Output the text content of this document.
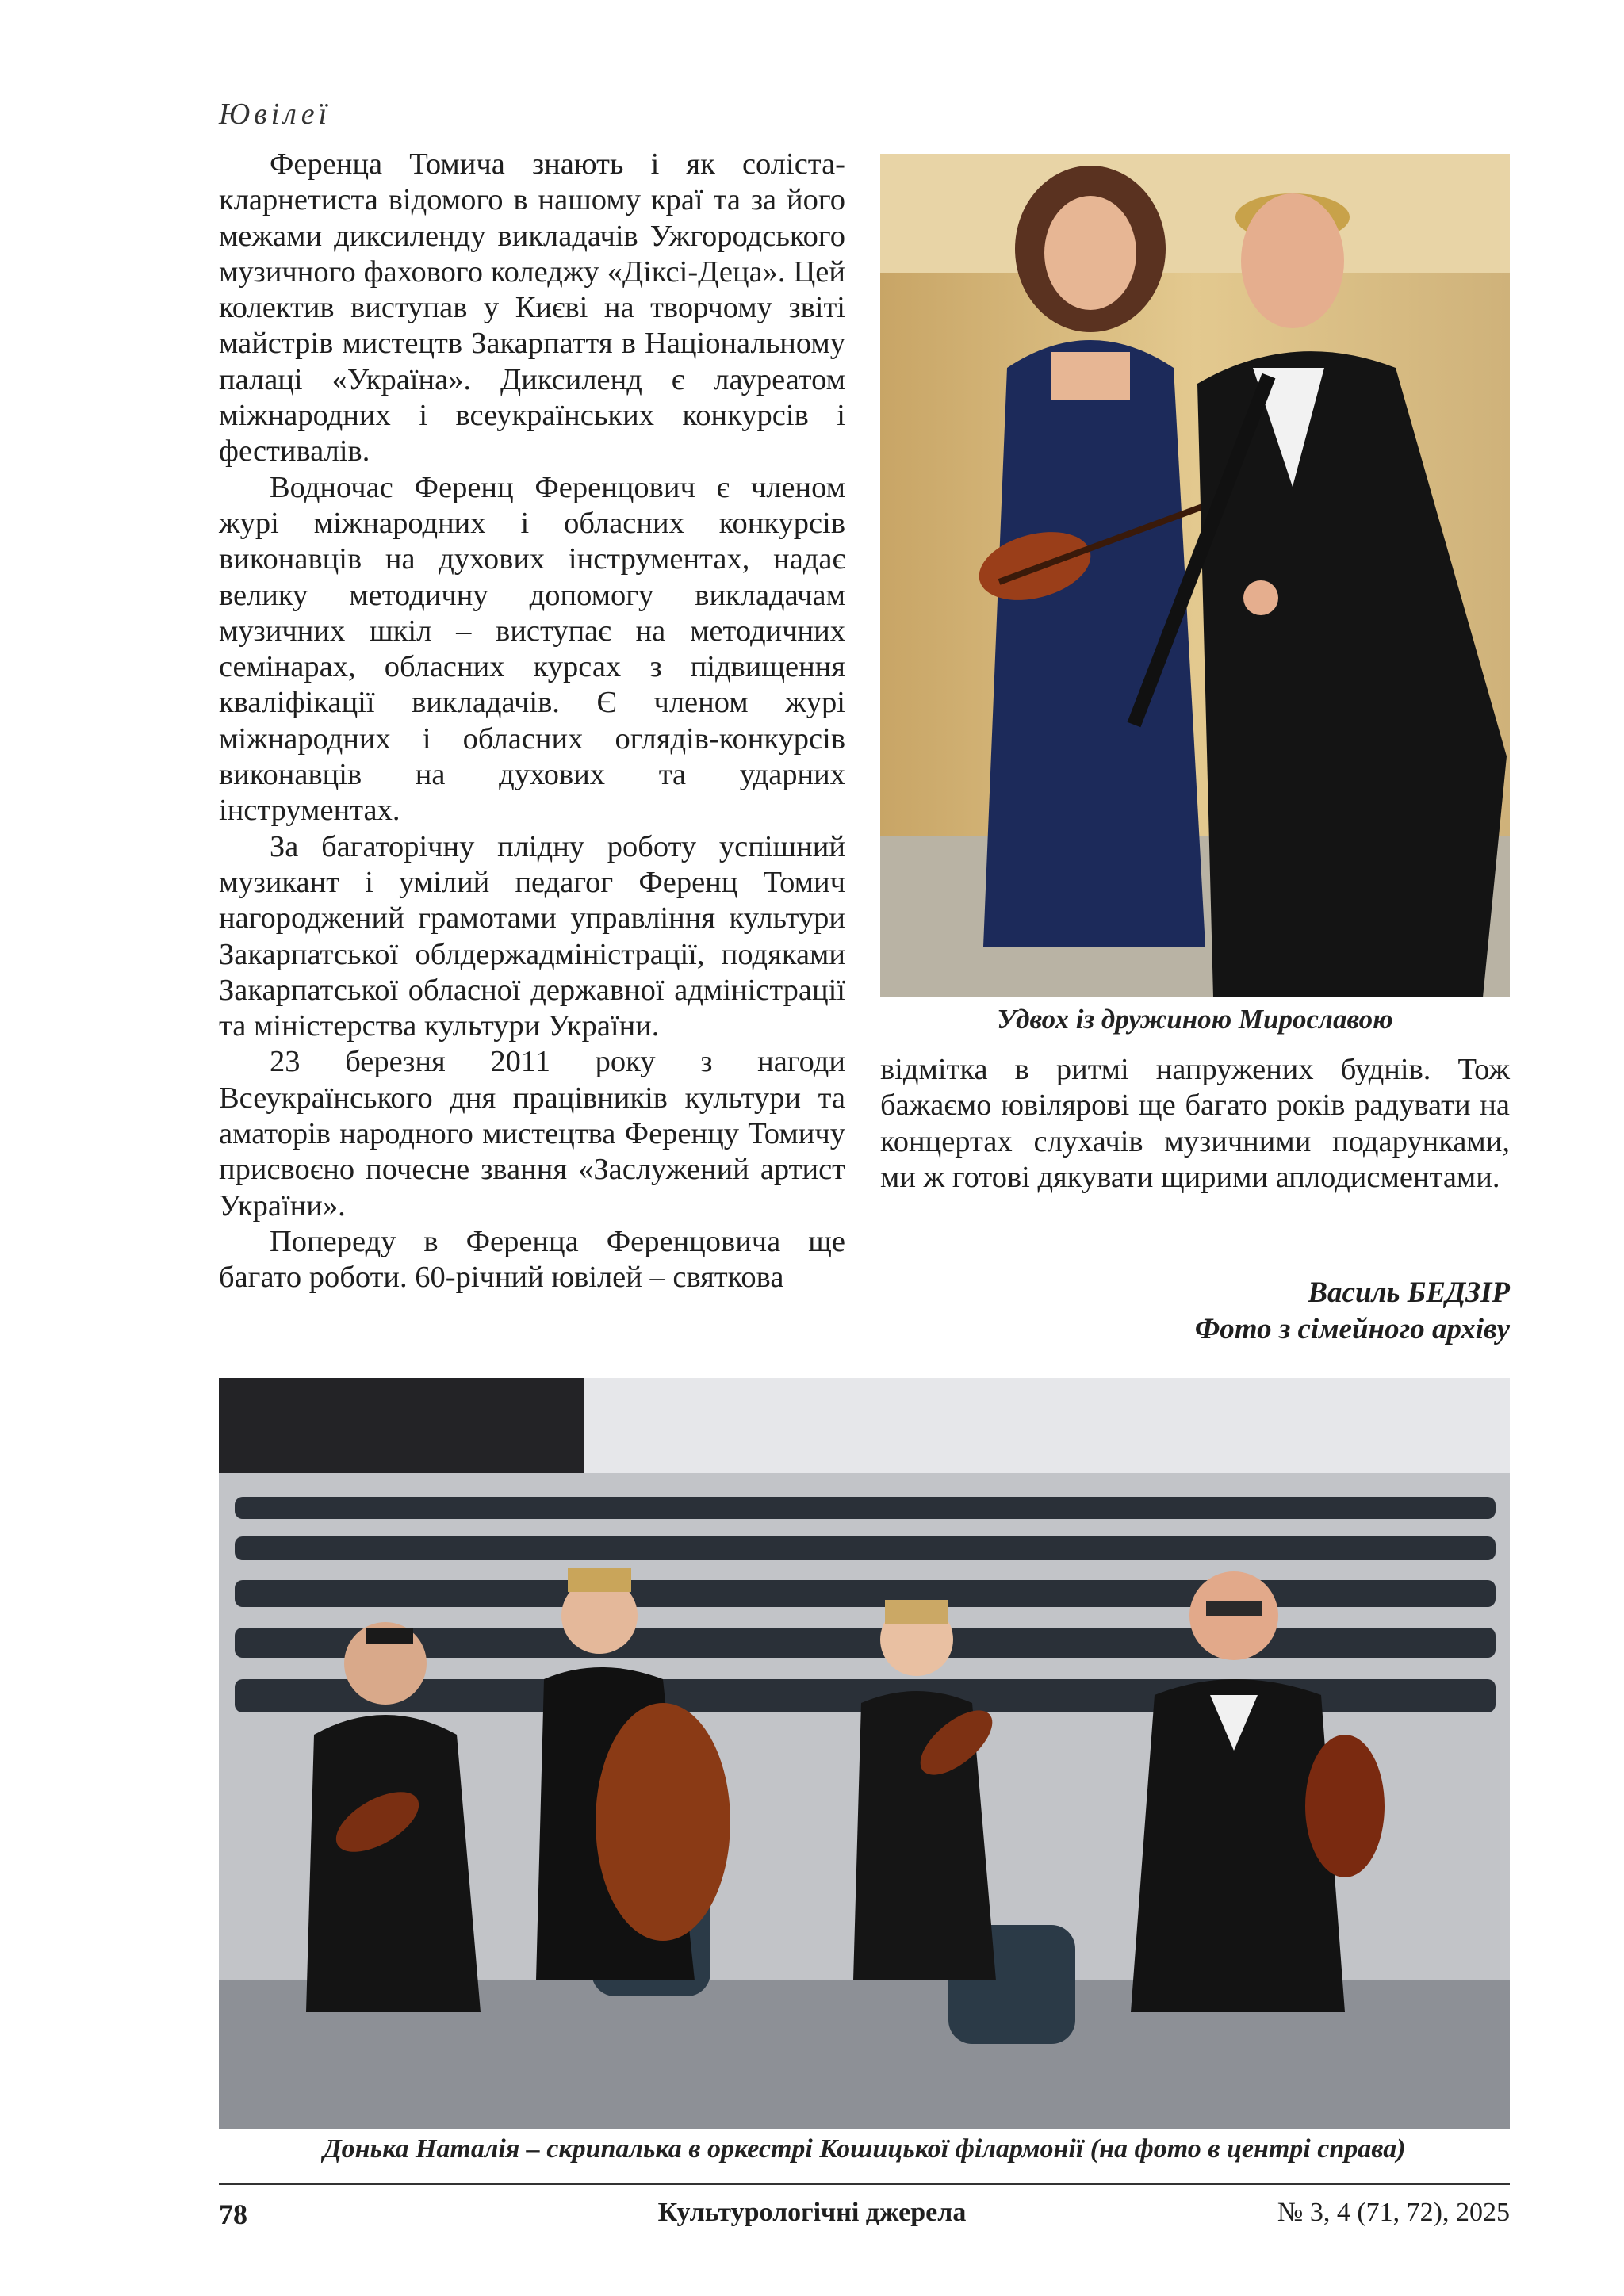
Ювілеї

Ференца Томича знають і як соліста-кларнетиста відомого в нашому краї та за його межами диксиленду викладачів Ужгородського музичного фахового коледжу «Діксі-Деца». Цей колектив виступав у Києві на творчому звіті майстрів мистецтв Закарпаття в Національному палаці «Україна». Диксиленд є лауреатом міжнародних і всеукраїнських конкурсів і фестивалів.

Водночас Ференц Ференцович є членом журі міжнародних і обласних конкурсів виконавців на духових інструментах, надає велику методичну допомогу викладачам музичних шкіл – виступає на методичних семінарах, обласних курсах з підвищення кваліфікації викладачів. Є членом журі міжнародних і обласних оглядів-конкурсів виконавців на духових та ударних інструментах.

За багаторічну плідну роботу успішний музикант і умілий педагог Ференц Томич нагороджений грамотами управління культури Закарпатської облдержадміністрації, подяками Закарпатської обласної державної адміністрації та міністерства культури України.

23 березня 2011 року з нагоди Всеукраїнського дня працівників культури та аматорів народного мистецтва Ференцу Томичу присвоєно почесне звання «Заслужений артист України».

Попереду в Ференца Ференцовича ще багато роботи. 60-річний ювілей – святкова

Удвох із дружиною Мирославою

відмітка в ритмі напружених буднів. Тож бажаємо ювілярові ще багато років радувати на концертах слухачів музичними подарунками, ми ж готові дякувати щирими аплодисментами.

Василь БЕДЗІР
Фото з сімейного архіву
Донька Наталія – скрипалька в оркестрі Кошицької філармонії (на фото в центрі справа)
78	Культурологічні джерела	№ 3, 4 (71, 72), 2025
